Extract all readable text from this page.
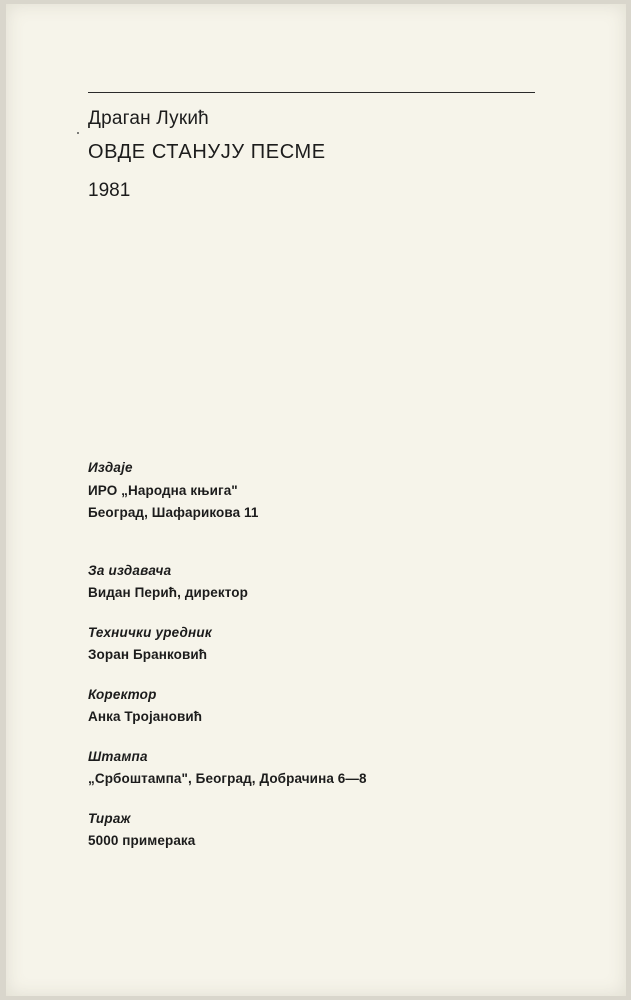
Драган Лукић

ОВДЕ СТАНУЈУ ПЕСМЕ

1981

Издаје

ИРО „Народна књига"

Београд, Шафарикова 11

За издавача

Видан Перић, директор

Технички уредник

Зоран Бранковић

Коректор

Анка Тројановић

Штампа

„Србоштампа", Београд, Добрачина 6—8

Тираж

5000 примерака
